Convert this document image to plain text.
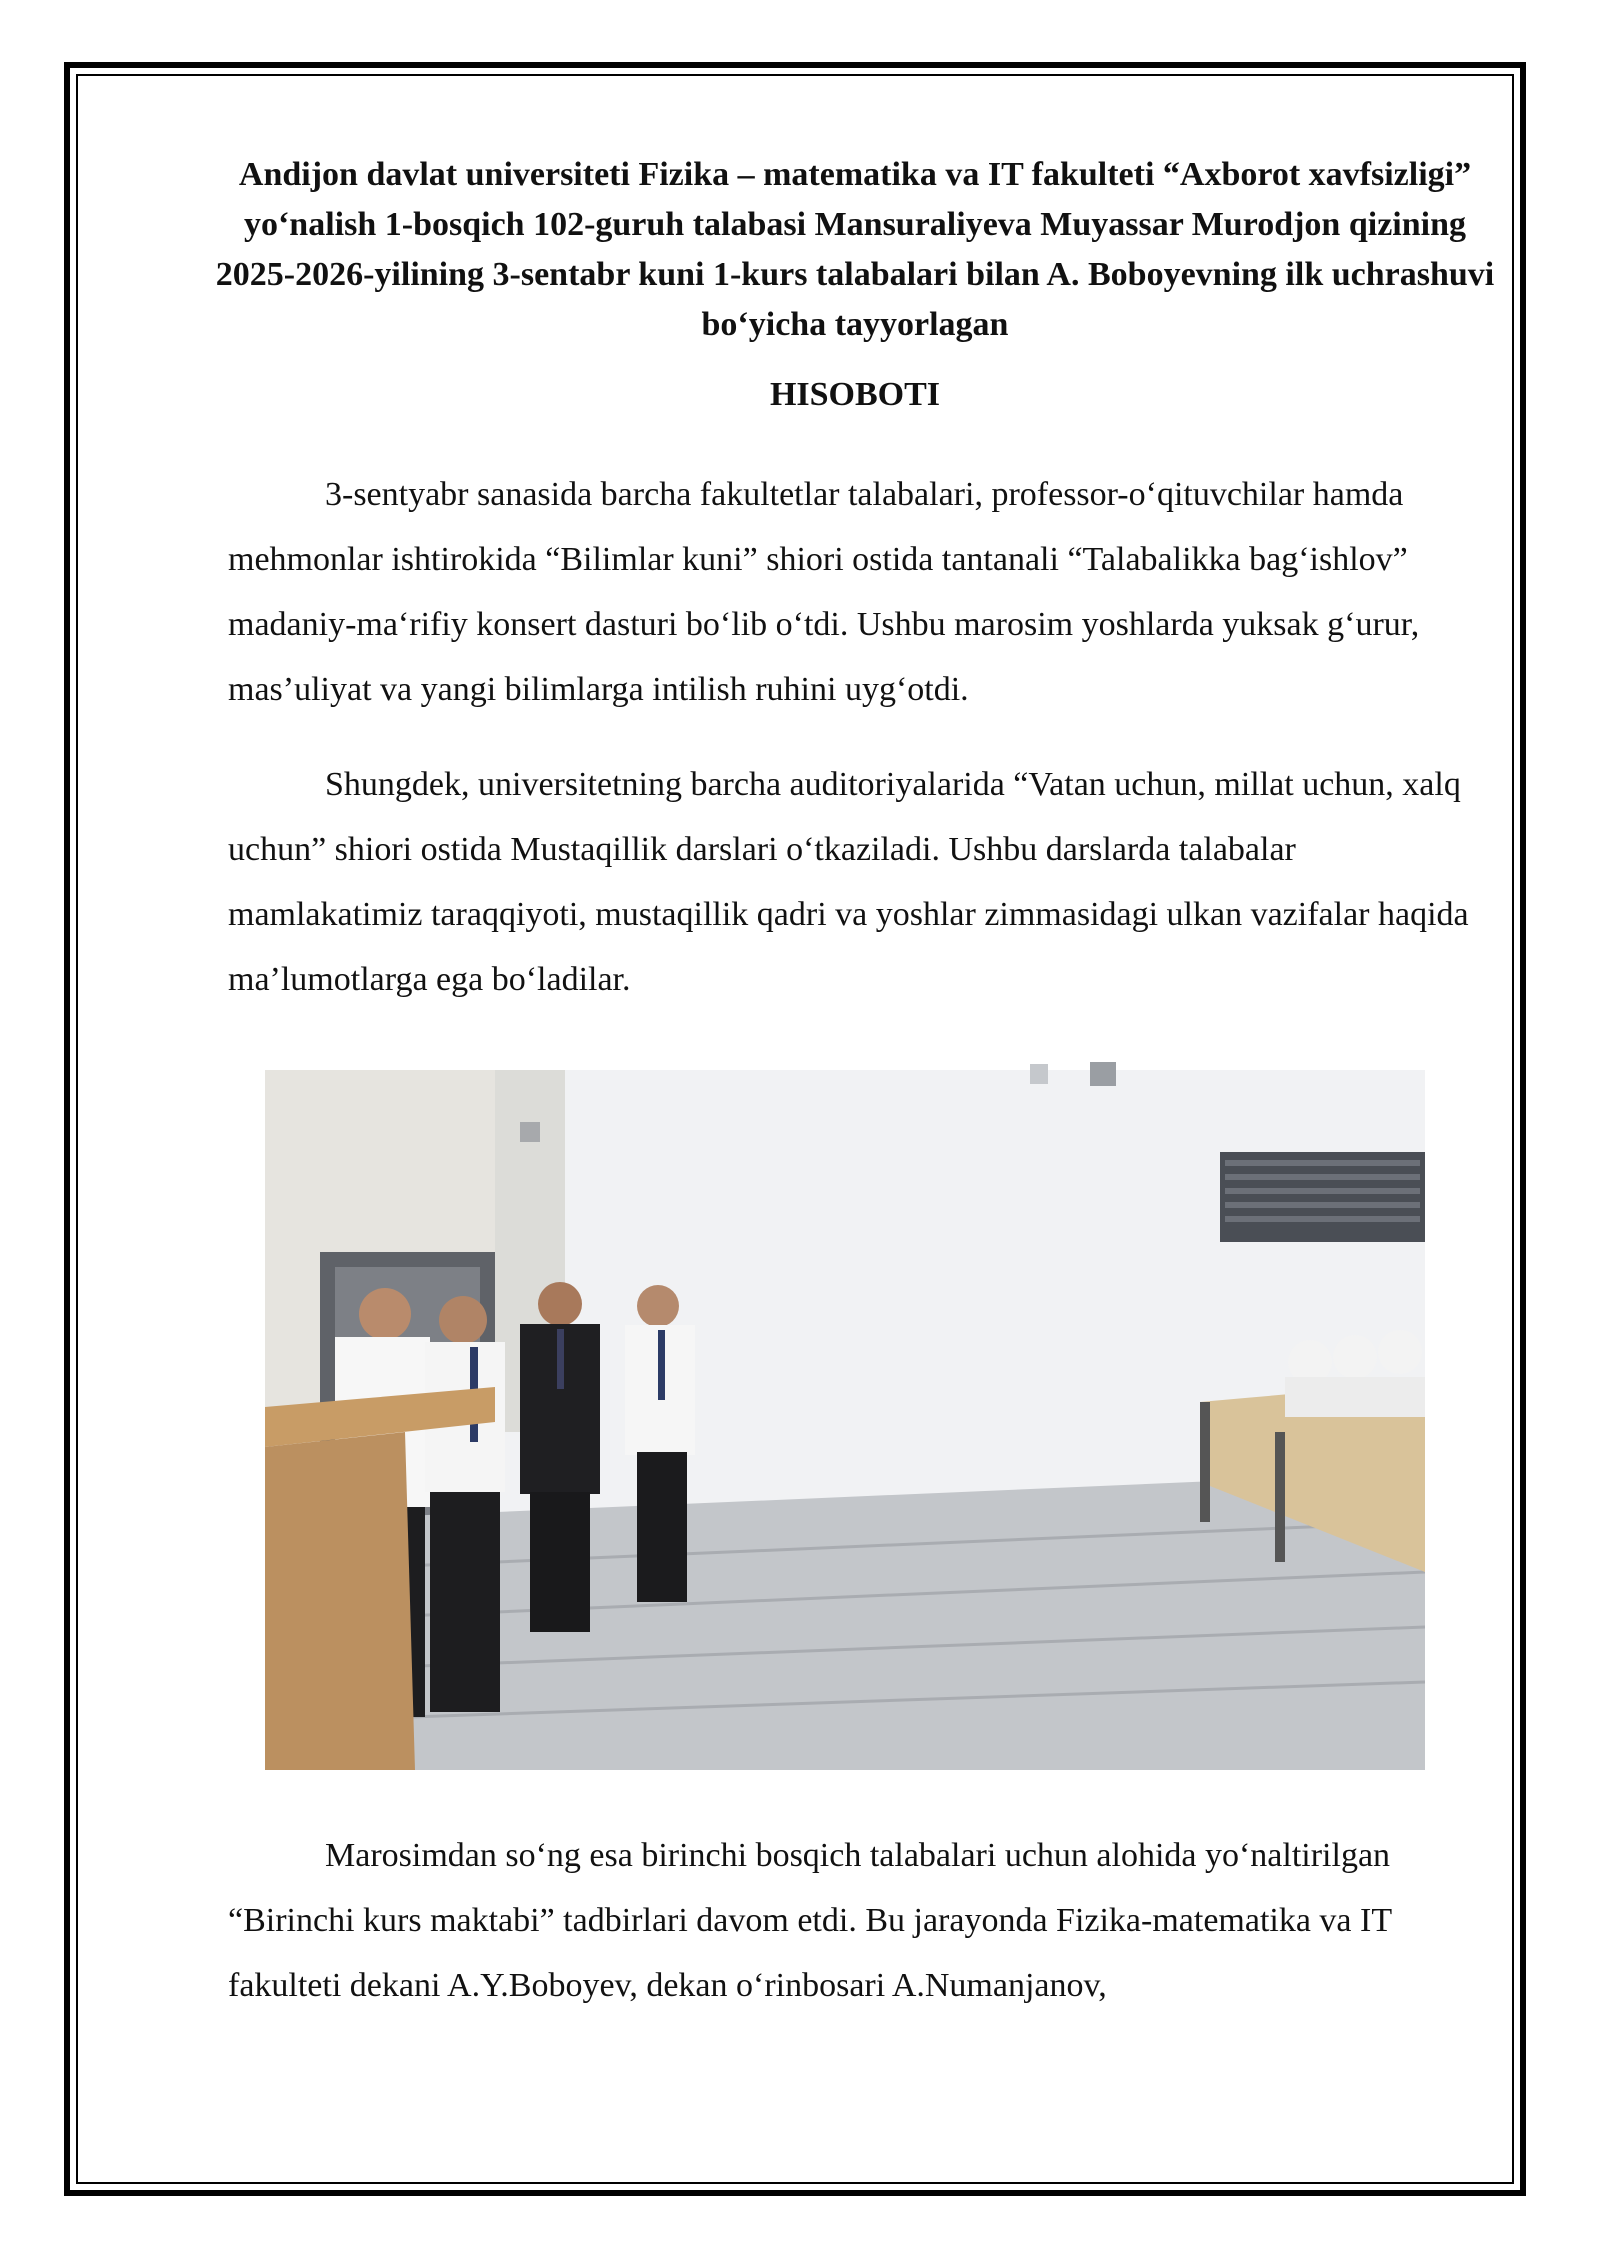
Andijon davlat universiteti Fizika – matematika va IT fakulteti “Axborot xavfsizligi” yo‘nalish 1-bosqich 102-guruh talabasi Mansuraliyeva Muyassar Murodjon qizining 2025-2026-yilining 3-sentabr kuni 1-kurs talabalari bilan A. Boboyevning ilk uchrashuvi bo‘yicha tayyorlagan
HISOBOTI
3-sentyabr sanasida barcha fakultetlar talabalari, professor-o‘qituvchilar hamda mehmonlar ishtirokida “Bilimlar kuni” shiori ostida tantanali “Talabalikka bag‘ishlov” madaniy-ma‘rifiy konsert dasturi bo‘lib o‘tdi. Ushbu marosim yoshlarda yuksak g‘urur, mas’uliyat va yangi bilimlarga intilish ruhini uyg‘otdi.
Shungdek, universitetning barcha auditoriyalarida “Vatan uchun, millat uchun, xalq uchun” shiori ostida Mustaqillik darslari o‘tkaziladi. Ushbu darslarda talabalar mamlakatimiz taraqqiyoti, mustaqillik qadri va yoshlar zimmasidagi ulkan vazifalar haqida ma’lumotlarga ega bo‘ladilar.
Marosimdan so‘ng esa birinchi bosqich talabalari uchun alohida yo‘naltirilgan “Birinchi kurs maktabi” tadbirlari davom etdi. Bu jarayonda Fizika-matematika va IT fakulteti dekani A.Y.Boboyev, dekan o‘rinbosari A.Numanjanov,
